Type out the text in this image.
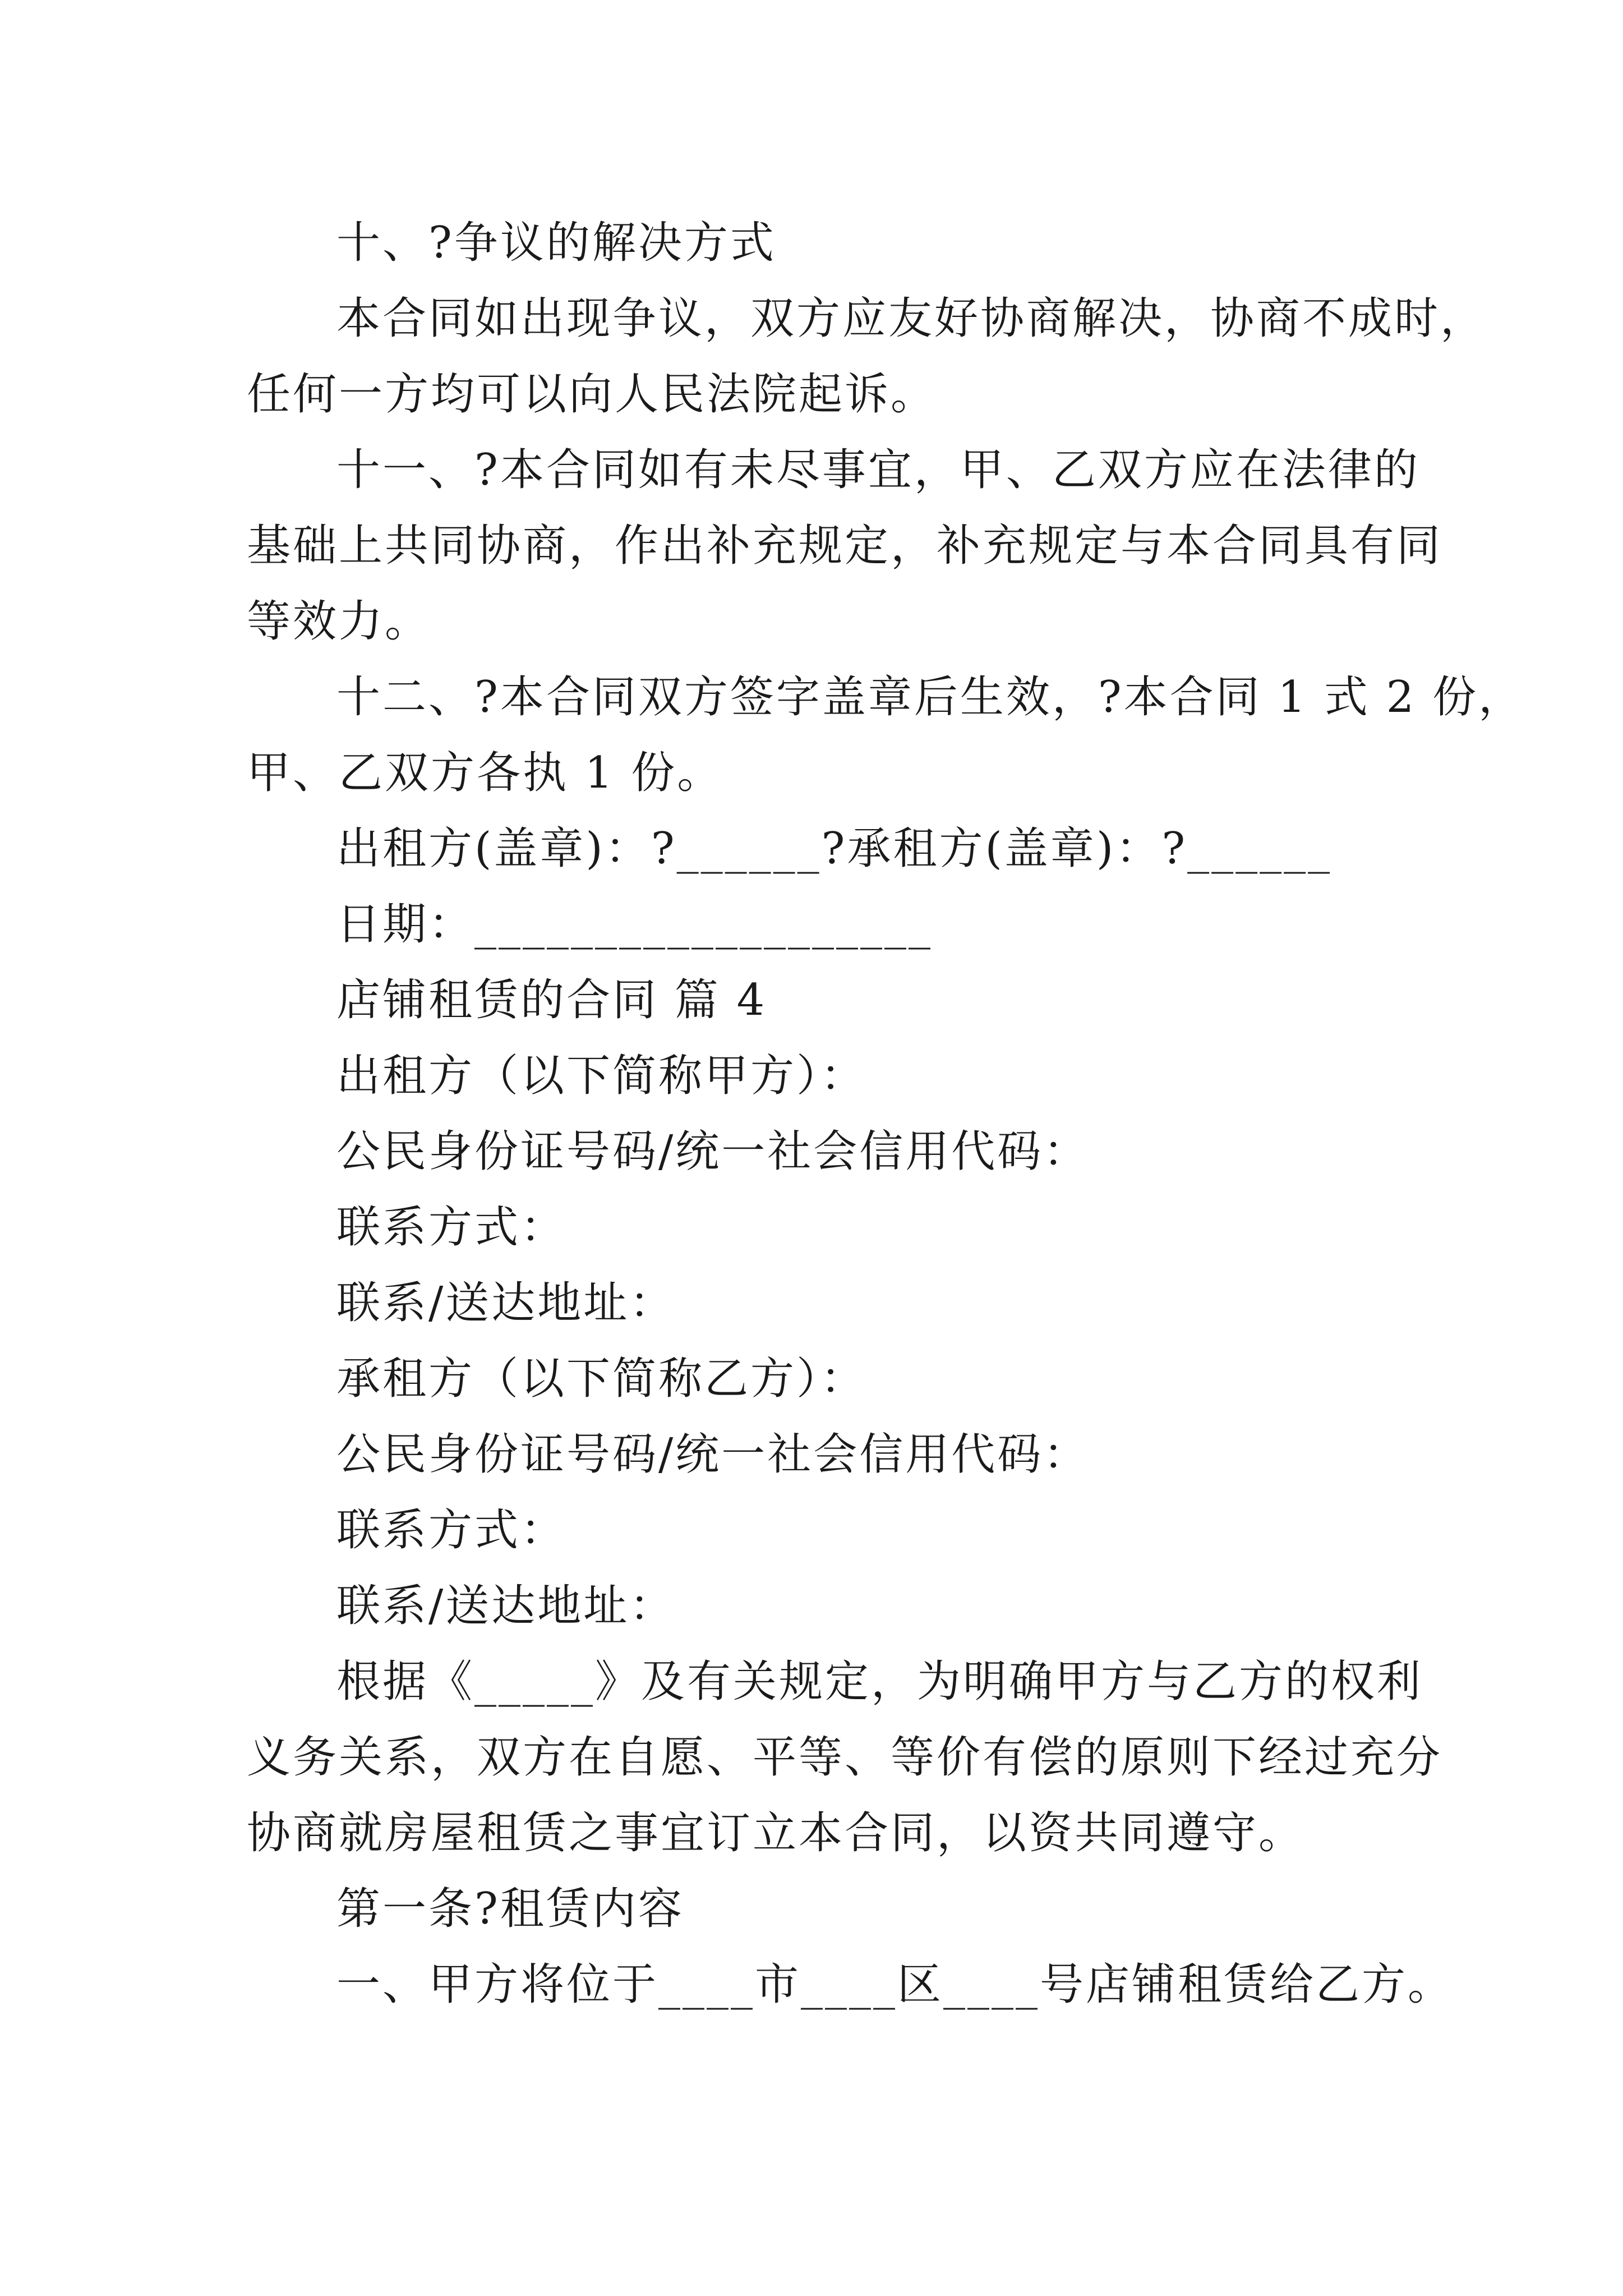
十、?争议的解决方式
本合同如出现争议，双方应友好协商解决，协商不成时，
任何一方均可以向人民法院起诉。
十一、?本合同如有未尽事宜，甲、乙双方应在法律的
基础上共同协商，作出补充规定，补充规定与本合同具有同
等效力。
十二、?本合同双方签字盖章后生效，?本合同 1 式 2 份，
甲、乙双方各执 1 份。
出租方(盖章)：?______?承租方(盖章)：?______
日期：___________________
店铺租赁的合同 篇 4
出租方（以下简称甲方）：
公民身份证号码/统一社会信用代码：
联系方式：
联系/送达地址：
承租方（以下简称乙方）：
公民身份证号码/统一社会信用代码：
联系方式：
联系/送达地址：
根据《_____》及有关规定，为明确甲方与乙方的权利
义务关系，双方在自愿、平等、等价有偿的原则下经过充分
协商就房屋租赁之事宜订立本合同，以资共同遵守。
第一条?租赁内容
一、甲方将位于____市____区____号店铺租赁给乙方。
